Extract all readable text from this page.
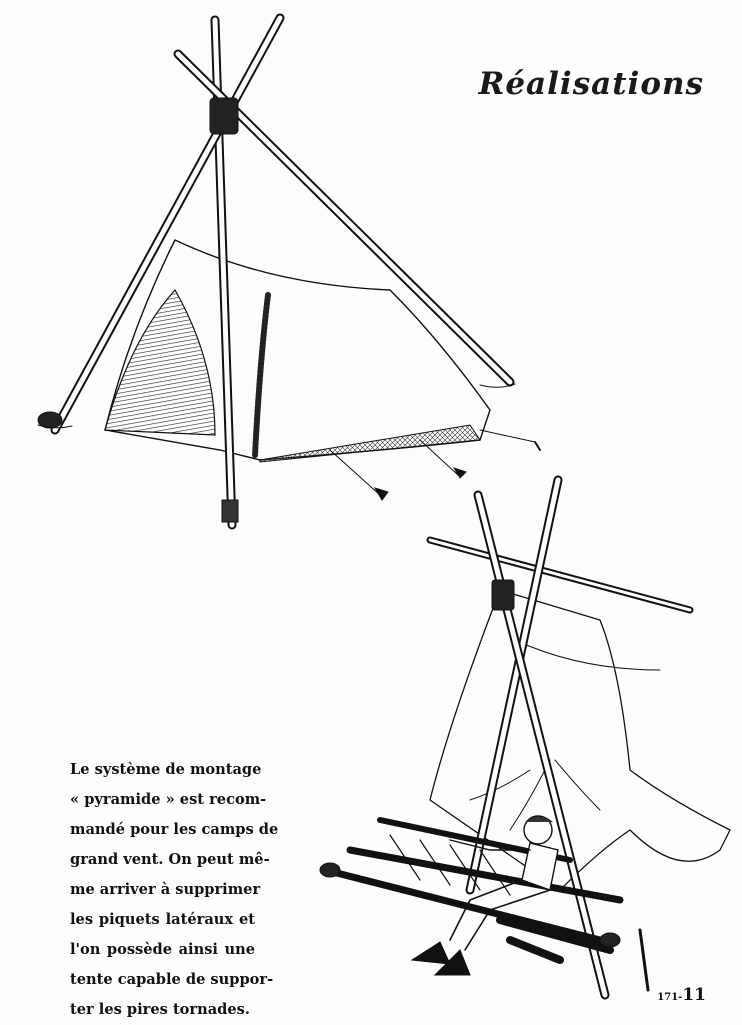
Réalisations
Le système de montage
« pyramide » est recom-
mandé pour les camps de
grand vent. On peut mê-
me arriver à supprimer
les piquets latéraux et
l'on possède ainsi une
tente capable de suppor-
ter les pires tornades.
171-11
